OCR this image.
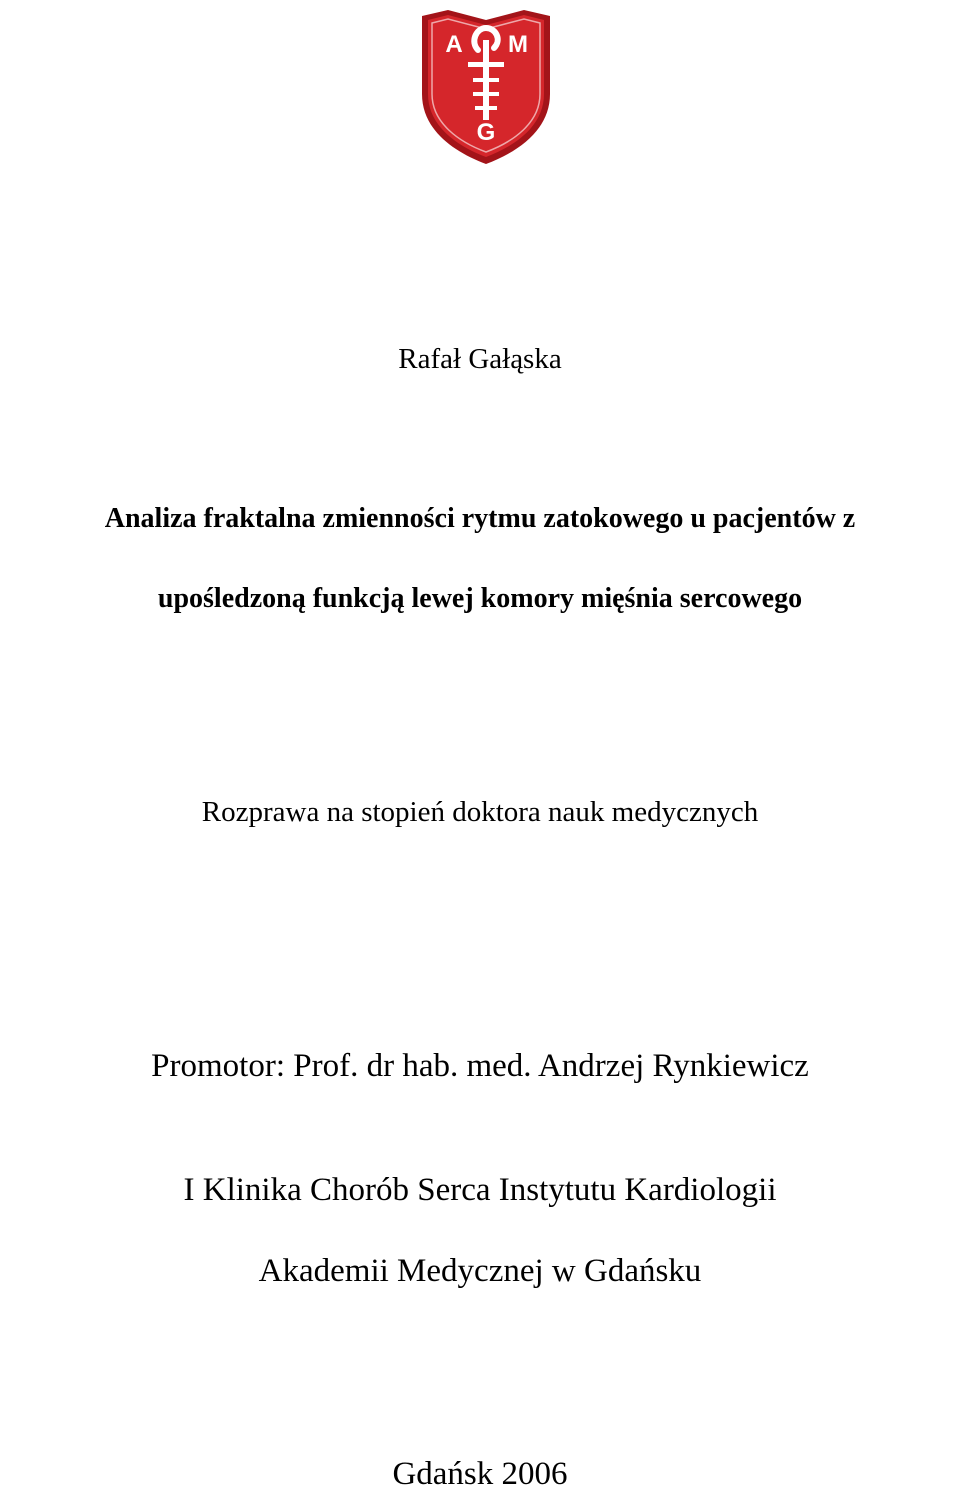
A M
G
Rafał Gałąska
Analiza fraktalna zmienności rytmu zatokowego u pacjentów z
upośledzoną funkcją lewej komory mięśnia sercowego
Rozprawa na stopień doktora nauk medycznych
Promotor: Prof. dr hab. med. Andrzej Rynkiewicz
I Klinika Chorób Serca Instytutu Kardiologii
Akademii Medycznej w Gdańsku
Gdańsk 2006
